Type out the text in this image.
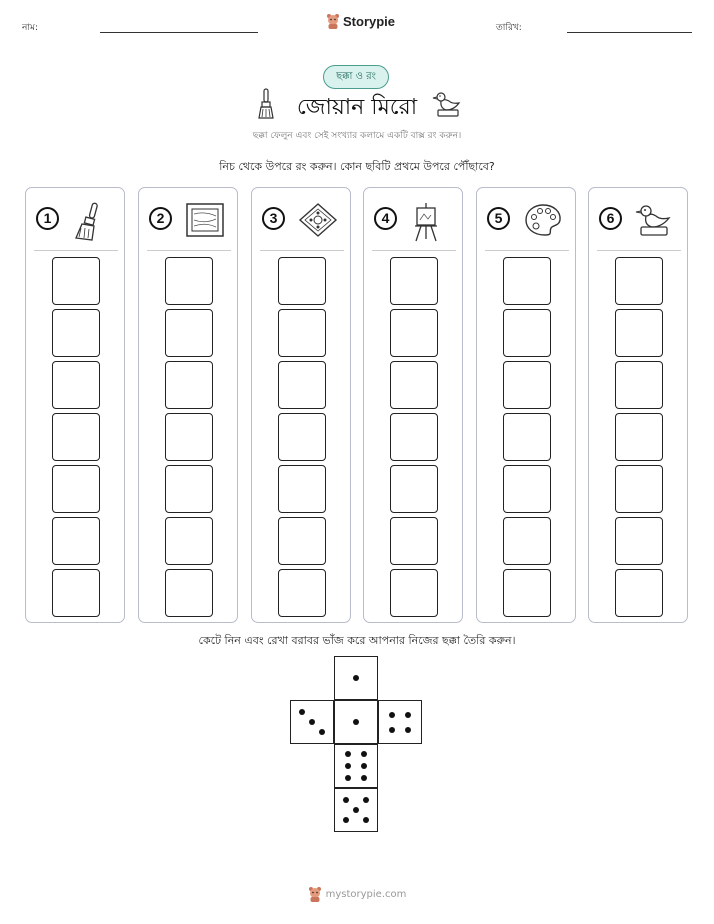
নাম:	Storypie	তারিখ:
ছক্কা ও রং
জোয়ান মিরো
ছক্কা ফেলুন এবং সেই সংখ্যার কলামে একটি বাক্স রং করুন।
নিচ থেকে উপরে রং করুন। কোন ছবিটি প্রথমে উপরে পৌঁছাবে?
1	2	3	4	5	6
কেটে নিন এবং রেখা বরাবর ভাঁজ করে আপনার নিজের ছক্কা তৈরি করুন।
mystorypie.com
